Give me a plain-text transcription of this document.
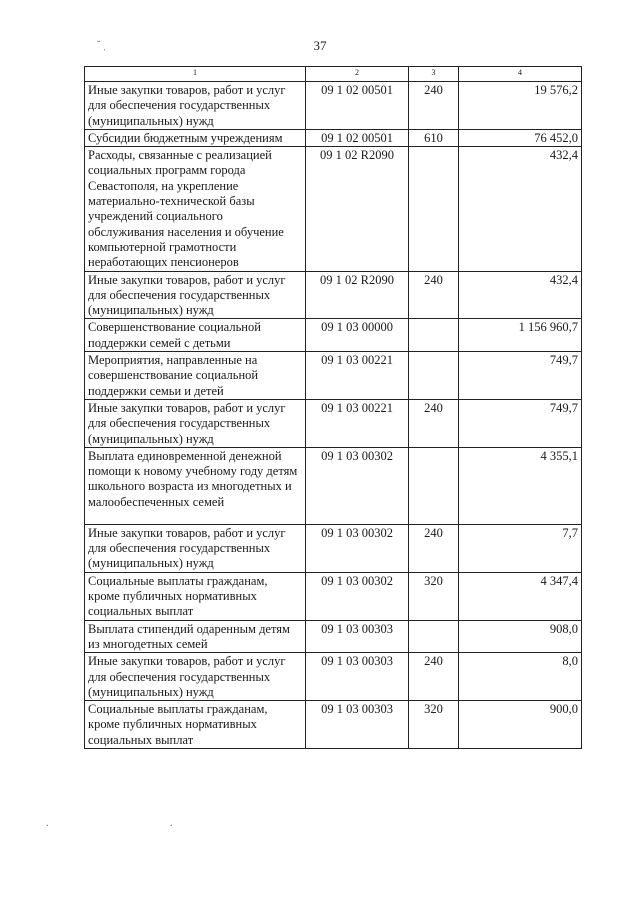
˘ ˌ	37
1	2	3	4
Иные закупки товаров, работ и услуг для обеспечения государственных (муниципальных) нужд	09 1 02 00501	240	19 576,2
Субсидии бюджетным учреждениям	09 1 02 00501	610	76 452,0
Расходы, связанные с реализацией социальных программ города Севастополя, на укрепление материально-технической базы учреждений социального обслуживания населения и обучение компьютерной грамотности неработающих пенсионеров	09 1 02 R2090		432,4
Иные закупки товаров, работ и услуг для обеспечения государственных (муниципальных) нужд	09 1 02 R2090	240	432,4
Совершенствование социальной поддержки семей с детьми	09 1 03 00000		1 156 960,7
Мероприятия, направленные на совершенствование социальной поддержки семьи и детей	09 1 03 00221		749,7
Иные закупки товаров, работ и услуг для обеспечения государственных (муниципальных) нужд	09 1 03 00221	240	749,7
Выплата единовременной денежной помощи к новому учебному году детям школьного возраста из многодетных и малообеспеченных семей	09 1 03 00302		4 355,1
Иные закупки товаров, работ и услуг для обеспечения государственных (муниципальных) нужд	09 1 03 00302	240	7,7
Социальные выплаты гражданам, кроме публичных нормативных социальных выплат	09 1 03 00302	320	4 347,4
Выплата стипендий одаренным детям из многодетных семей	09 1 03 00303		908,0
Иные закупки товаров, работ и услуг для обеспечения государственных (муниципальных) нужд	09 1 03 00303	240	8,0
Социальные выплаты гражданам, кроме публичных нормативных социальных выплат	09 1 03 00303	320	900,0
.	.
